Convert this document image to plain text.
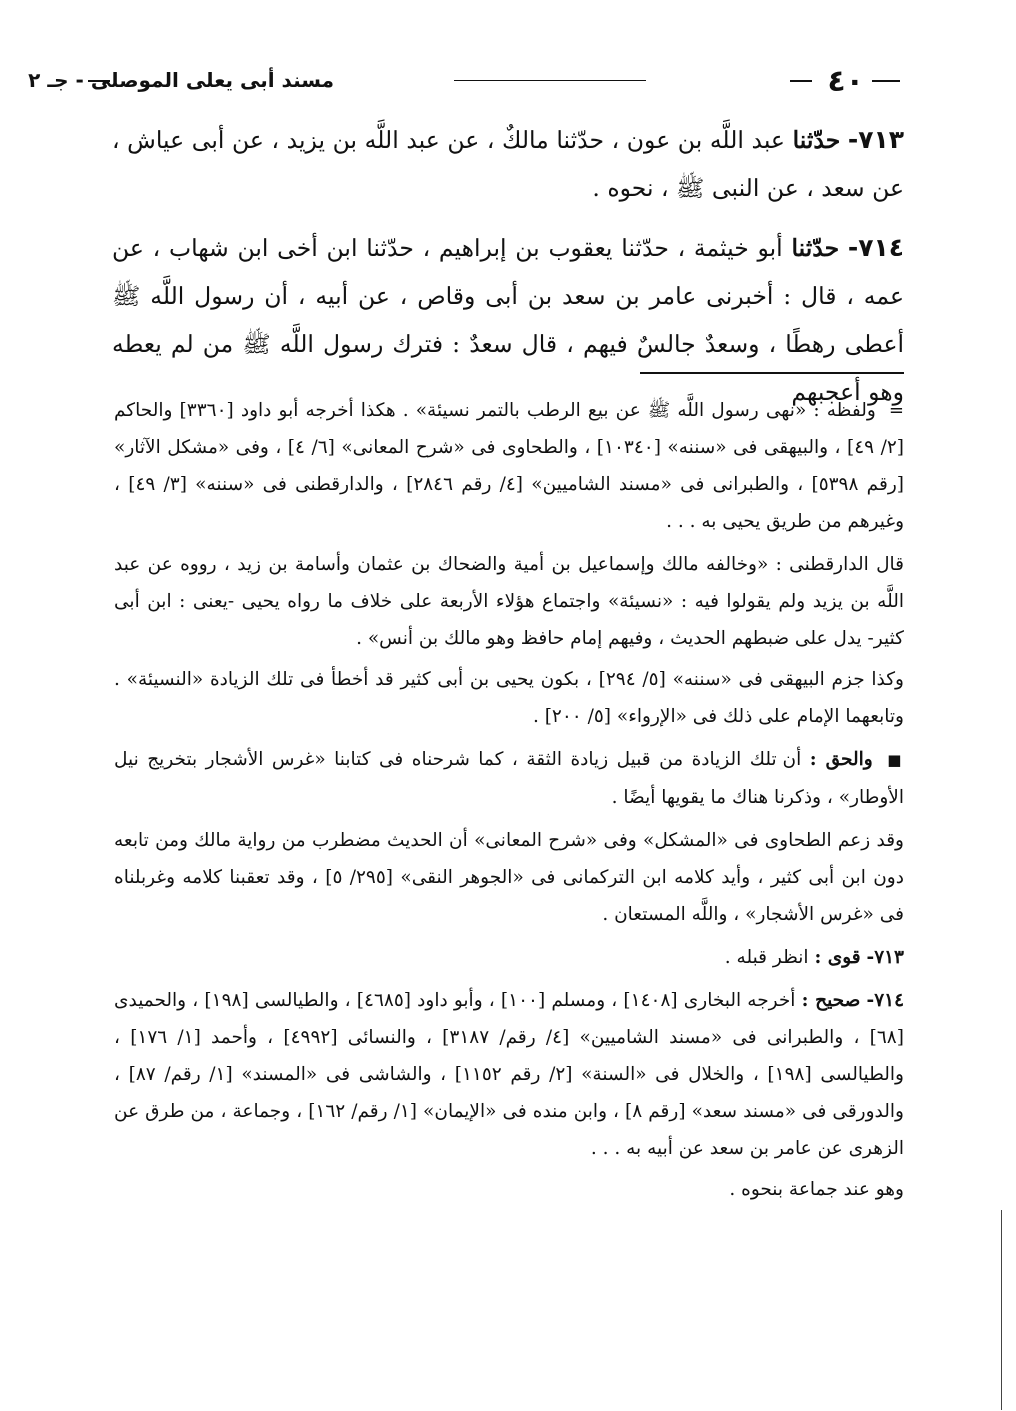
٤٠
مسند أبى يعلى الموصلى - جـ ٢

٧١٣- حدّثنا عبد اللَّه بن عون ، حدّثنا مالكٌ ، عن عبد اللَّه بن يزيد ، عن أبى عياش ، عن سعد ، عن النبى ﷺ ، نحوه .

٧١٤- حدّثنا أبو خيثمة ، حدّثنا يعقوب بن إبراهيم ، حدّثنا ابن أخى ابن شهاب ، عن عمه ، قال : أخبرنى عامر بن سعد بن أبى وقاص ، عن أبيه ، أن رسول اللَّه ﷺ أعطى رهطًا ، وسعدٌ جالسٌ فيهم ، قال سعدٌ : فترك رسول اللَّه ﷺ من لم يعطه وهو أعجبهم

= ولفظه : «نهى رسول اللَّه ﷺ عن بيع الرطب بالتمر نسيئة» . هكذا أخرجه أبو داود [٣٣٦٠] والحاكم [٢/ ٤٩] ، والبيهقى فى «سننه» [١٠٣٤٠] ، والطحاوى فى «شرح المعانى» [٦/ ٤] ، وفى «مشكل الآثار» [رقم ٥٣٩٨] ، والطبرانى فى «مسند الشاميين» [٤/ رقم ٢٨٤٦] ، والدارقطنى فى «سننه» [٣/ ٤٩] ، وغيرهم من طريق يحيى به . . .

قال الدارقطنى : «وخالفه مالك وإسماعيل بن أمية والضحاك بن عثمان وأسامة بن زيد ، رووه عن عبد اللَّه بن يزيد ولم يقولوا فيه : «نسيئة» واجتماع هؤلاء الأربعة على خلاف ما رواه يحيى -يعنى : ابن أبى كثير- يدل على ضبطهم الحديث ، وفيهم إمام حافظ وهو مالك بن أنس» .

وكذا جزم البيهقى فى «سننه» [٥/ ٢٩٤] ، بكون يحيى بن أبى كثير قد أخطأ فى تلك الزيادة «النسيئة» . وتابعهما الإمام على ذلك فى «الإرواء» [٥/ ٢٠٠] .

■ والحق : أن تلك الزيادة من قبيل زيادة الثقة ، كما شرحناه فى كتابنا «غرس الأشجار بتخريج نيل الأوطار» ، وذكرنا هناك ما يقويها أيضًا .

وقد زعم الطحاوى فى «المشكل» وفى «شرح المعانى» أن الحديث مضطرب من رواية مالك ومن تابعه دون ابن أبى كثير ، وأيد كلامه ابن التركمانى فى «الجوهر النقى» [٢٩٥/ ٥] ، وقد تعقبنا كلامه وغربلناه فى «غرس الأشجار» ، واللَّه المستعان .

٧١٣- قوى : انظر قبله .

٧١٤- صحيح : أخرجه البخارى [١٤٠٨] ، ومسلم [١٠٠] ، وأبو داود [٤٦٨٥] ، والطيالسى [١٩٨] ، والحميدى [٦٨] ، والطبرانى فى «مسند الشاميين» [٤/ رقم/ ٣١٨٧] ، والنسائى [٤٩٩٢] ، وأحمد [١/ ١٧٦] ، والطيالسى [١٩٨] ، والخلال فى «السنة» [٢/ رقم ١١٥٢] ، والشاشى فى «المسند» [١/ رقم/ ٨٧] ، والدورقى فى «مسند سعد» [رقم ٨] ، وابن منده فى «الإيمان» [١/ رقم/ ١٦٢] ، وجماعة ، من طرق عن الزهرى عن عامر بن سعد عن أبيه به . . .

وهو عند جماعة بنحوه .
